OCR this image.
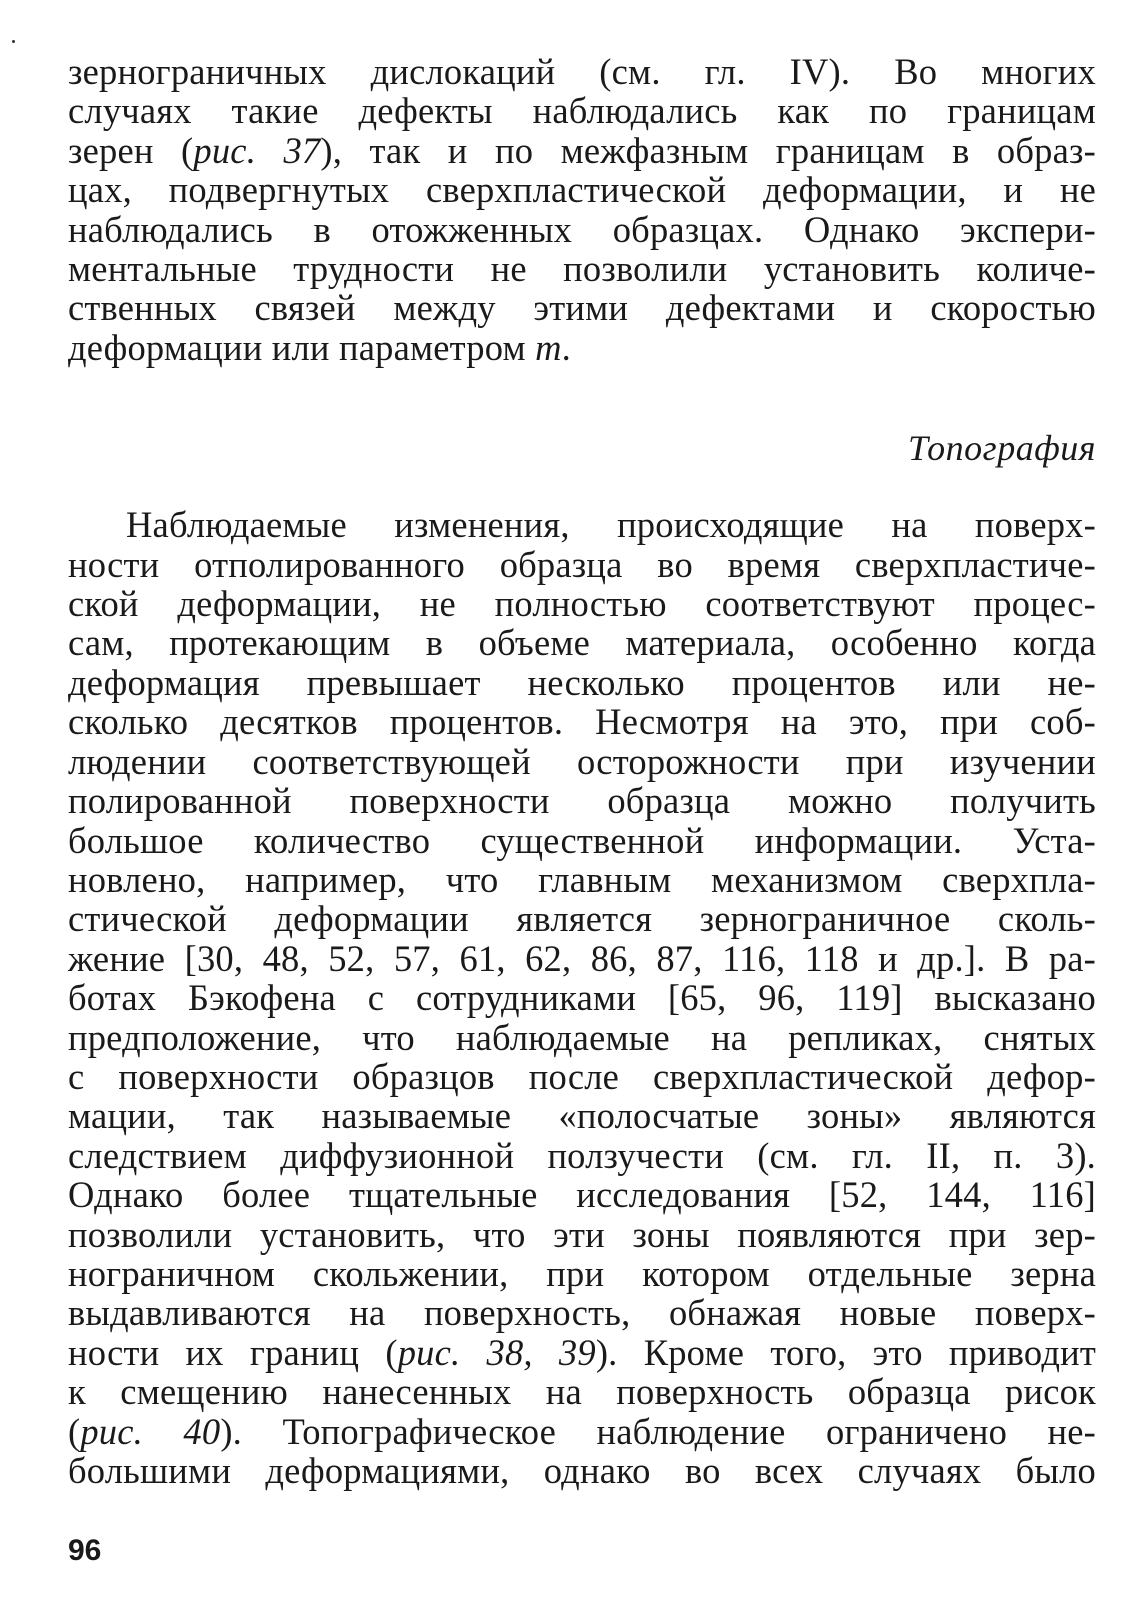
зернограничных дислокаций (см. гл. IV). Во многих
случаях такие дефекты наблюдались как по границам
зерен (рис. 37), так и по межфазным границам в образ-
цах, подвергнутых сверхпластической деформации, и не
наблюдались в отожженных образцах. Однако экспери-
ментальные трудности не позволили установить количе-
ственных связей между этими дефектами и скоростью
деформации или параметром m.
Топография
Наблюдаемые изменения, происходящие на поверх-
ности отполированного образца во время сверхпластиче-
ской деформации, не полностью соответствуют процес-
сам, протекающим в объеме материала, особенно когда
деформация превышает несколько процентов или не-
сколько десятков процентов. Несмотря на это, при соб-
людении соответствующей осторожности при изучении
полированной поверхности образца можно получить
большое количество существенной информации. Уста-
новлено, например, что главным механизмом сверхпла-
стической деформации является зернограничное сколь-
жение [30, 48, 52, 57, 61, 62, 86, 87, 116, 118 и др.]. В ра-
ботах Бэкофена с сотрудниками [65, 96, 119] высказано
предположение, что наблюдаемые на репликах, снятых
с поверхности образцов после сверхпластической дефор-
мации, так называемые «полосчатые зоны» являются
следствием диффузионной ползучести (см. гл. II, п. 3).
Однако более тщательные исследования [52, 144, 116]
позволили установить, что эти зоны появляются при зер-
нограничном скольжении, при котором отдельные зерна
выдавливаются на поверхность, обнажая новые поверх-
ности их границ (рис. 38, 39). Кроме того, это приводит
к смещению нанесенных на поверхность образца рисок
(рис. 40). Топографическое наблюдение ограничено не-
большими деформациями, однако во всех случаях было
96
